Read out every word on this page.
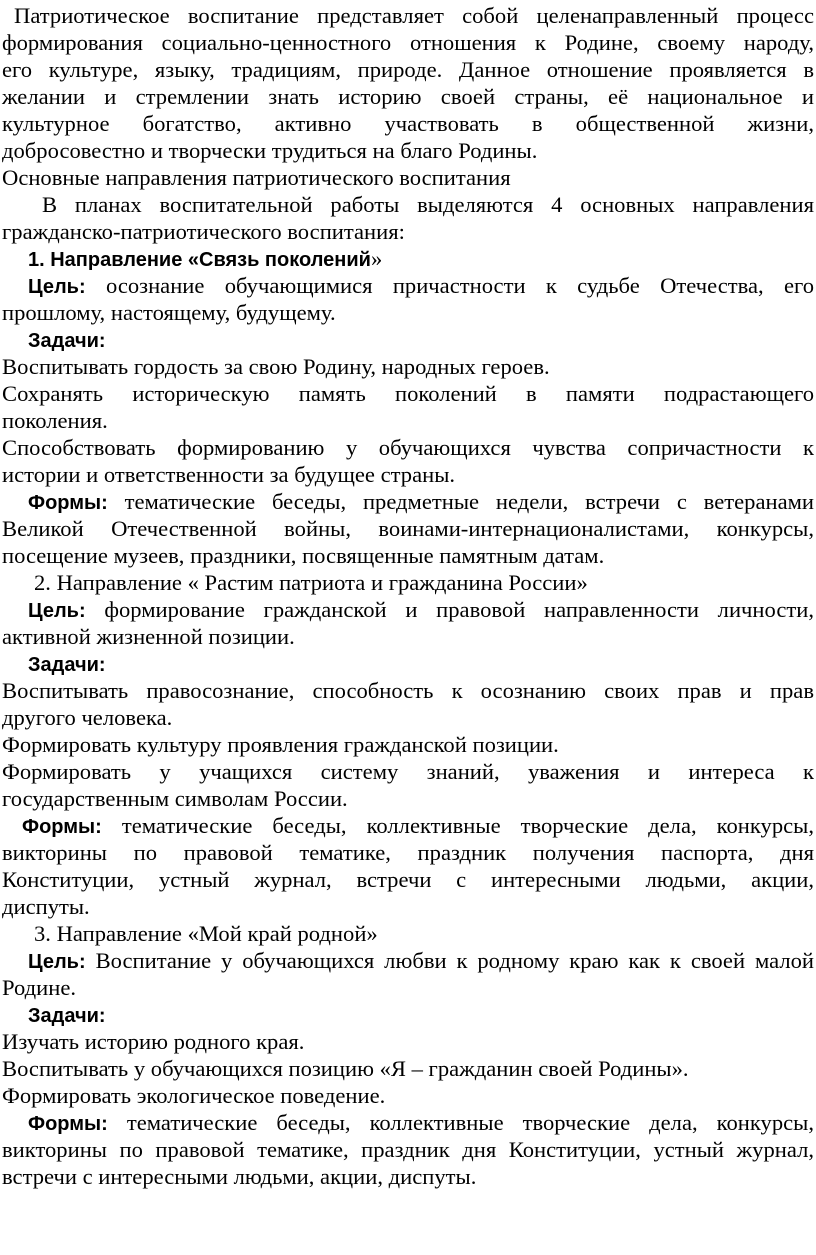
Патриотическое воспитание представляет собой целенаправленный процесс
формирования социально-ценностного отношения к Родине, своему народу,
его культуре, языку, традициям, природе. Данное отношение проявляется в
желании и стремлении знать историю своей страны, её национальное и
культурное богатство, активно участвовать в общественной жизни,
добросовестно и творчески трудиться на благо Родины.
Основные направления патриотического воспитания
В планах воспитательной работы выделяются 4 основных направления
гражданско-патриотического воспитания:
1. Направление «Связь поколений»
Цель: осознание обучающимися причастности к судьбе Отечества, его
прошлому, настоящему, будущему.
Задачи:
Воспитывать гордость за свою Родину, народных героев.
Сохранять историческую память поколений в памяти подрастающего
поколения.
Способствовать формированию у обучающихся чувства сопричастности к
истории и ответственности за будущее страны.
Формы: тематические беседы, предметные недели, встречи с ветеранами
Великой Отечественной войны, воинами-интернационалистами, конкурсы,
посещение музеев, праздники, посвященные памятным датам.
2. Направление « Растим патриота и гражданина России»
Цель: формирование гражданской и правовой направленности личности,
активной жизненной позиции.
Задачи:
Воспитывать правосознание, способность к осознанию своих прав и прав
другого человека.
Формировать культуру проявления гражданской позиции.
Формировать у учащихся систему знаний, уважения и интереса к
государственным символам России.
Формы: тематические беседы, коллективные творческие дела, конкурсы,
викторины по правовой тематике, праздник получения паспорта, дня
Конституции, устный журнал, встречи с интересными людьми, акции,
диспуты.
3. Направление «Мой край родной»
Цель: Воспитание у обучающихся любви к родному краю как к своей малой
Родине.
Задачи:
Изучать историю родного края.
Воспитывать у обучающихся позицию «Я – гражданин своей Родины».
Формировать экологическое поведение.
Формы: тематические беседы, коллективные творческие дела, конкурсы,
викторины по правовой тематике, праздник дня Конституции, устный журнал,
встречи с интересными людьми, акции, диспуты.
